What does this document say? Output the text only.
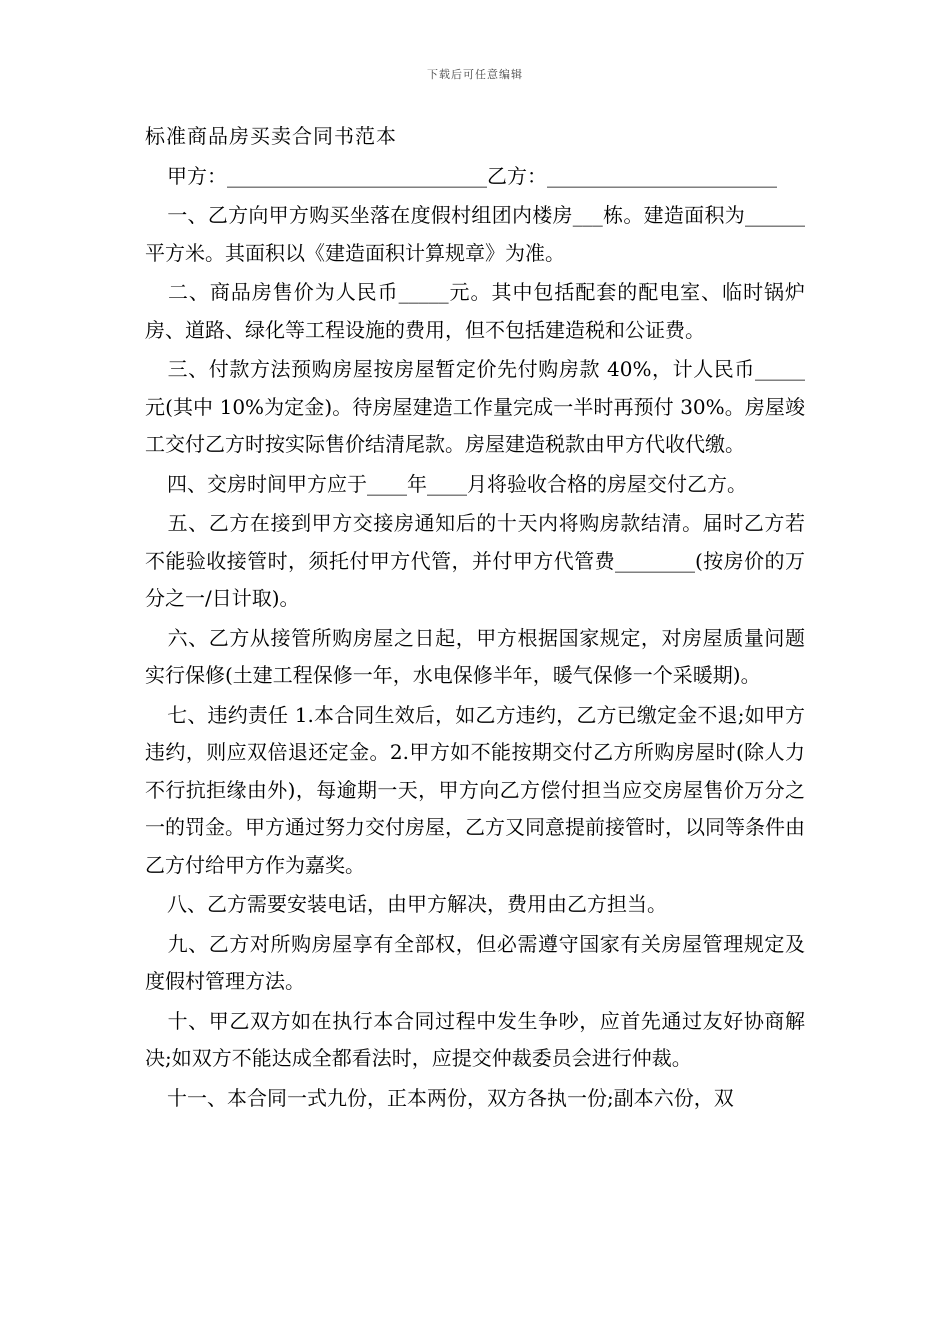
下载后可任意编辑
标准商品房买卖合同书范本

甲方：__________________________乙方：_______________________

一、乙方向甲方购买坐落在度假村组团内楼房___栋。建造面积为______平方米。其面积以《建造面积计算规章》为准。

二、商品房售价为人民币_____元。其中包括配套的配电室、临时锅炉房、道路、绿化等工程设施的费用，但不包括建造税和公证费。

三、付款方法预购房屋按房屋暂定价先付购房款 40%，计人民币_____元(其中 10%为定金)。待房屋建造工作量完成一半时再预付 30%。房屋竣工交付乙方时按实际售价结清尾款。房屋建造税款由甲方代收代缴。

四、交房时间甲方应于____年____月将验收合格的房屋交付乙方。

五、乙方在接到甲方交接房通知后的十天内将购房款结清。届时乙方若不能验收接管时，须托付甲方代管，并付甲方代管费________(按房价的万分之一/日计取)。

六、乙方从接管所购房屋之日起，甲方根据国家规定，对房屋质量问题实行保修(土建工程保修一年，水电保修半年，暖气保修一个采暖期)。

七、违约责任 1.本合同生效后，如乙方违约，乙方已缴定金不退;如甲方违约，则应双倍退还定金。2.甲方如不能按期交付乙方所购房屋时(除人力不行抗拒缘由外)，每逾期一天，甲方向乙方偿付担当应交房屋售价万分之一的罚金。甲方通过努力交付房屋，乙方又同意提前接管时，以同等条件由乙方付给甲方作为嘉奖。

八、乙方需要安装电话，由甲方解决，费用由乙方担当。

九、乙方对所购房屋享有全部权，但必需遵守国家有关房屋管理规定及度假村管理方法。

十、甲乙双方如在执行本合同过程中发生争吵，应首先通过友好协商解决;如双方不能达成全都看法时，应提交仲裁委员会进行仲裁。

十一、本合同一式九份，正本两份，双方各执一份;副本六份，双
